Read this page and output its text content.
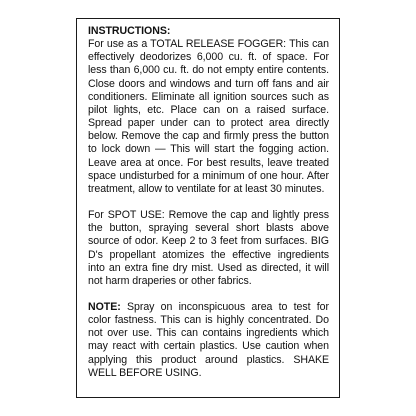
INSTRUCTIONS:
For use as a TOTAL RELEASE FOGGER: This can effectively deodorizes 6,000 cu. ft. of space. For less than 6,000 cu. ft. do not empty entire contents. Close doors and windows and turn off fans and air conditioners. Eliminate all ignition sources such as pilot lights, etc. Place can on a raised surface. Spread paper under can to protect area directly below. Remove the cap and firmly press the button to lock down — This will start the fogging action. Leave area at once. For best results, leave treated space undisturbed for a minimum of one hour. After treatment, allow to ventilate for at least 30 minutes.

For SPOT USE: Remove the cap and lightly press the button, spraying several short blasts above source of odor. Keep 2 to 3 feet from surfaces. BIG D's propellant atomizes the effective ingredients into an extra fine dry mist. Used as directed, it will not harm draperies or other fabrics.

NOTE: Spray on inconspicuous area to test for color fastness. This can is highly concentrated. Do not over use. This can contains ingredients which may react with certain plastics. Use caution when applying this product around plastics. SHAKE WELL BEFORE USING.
